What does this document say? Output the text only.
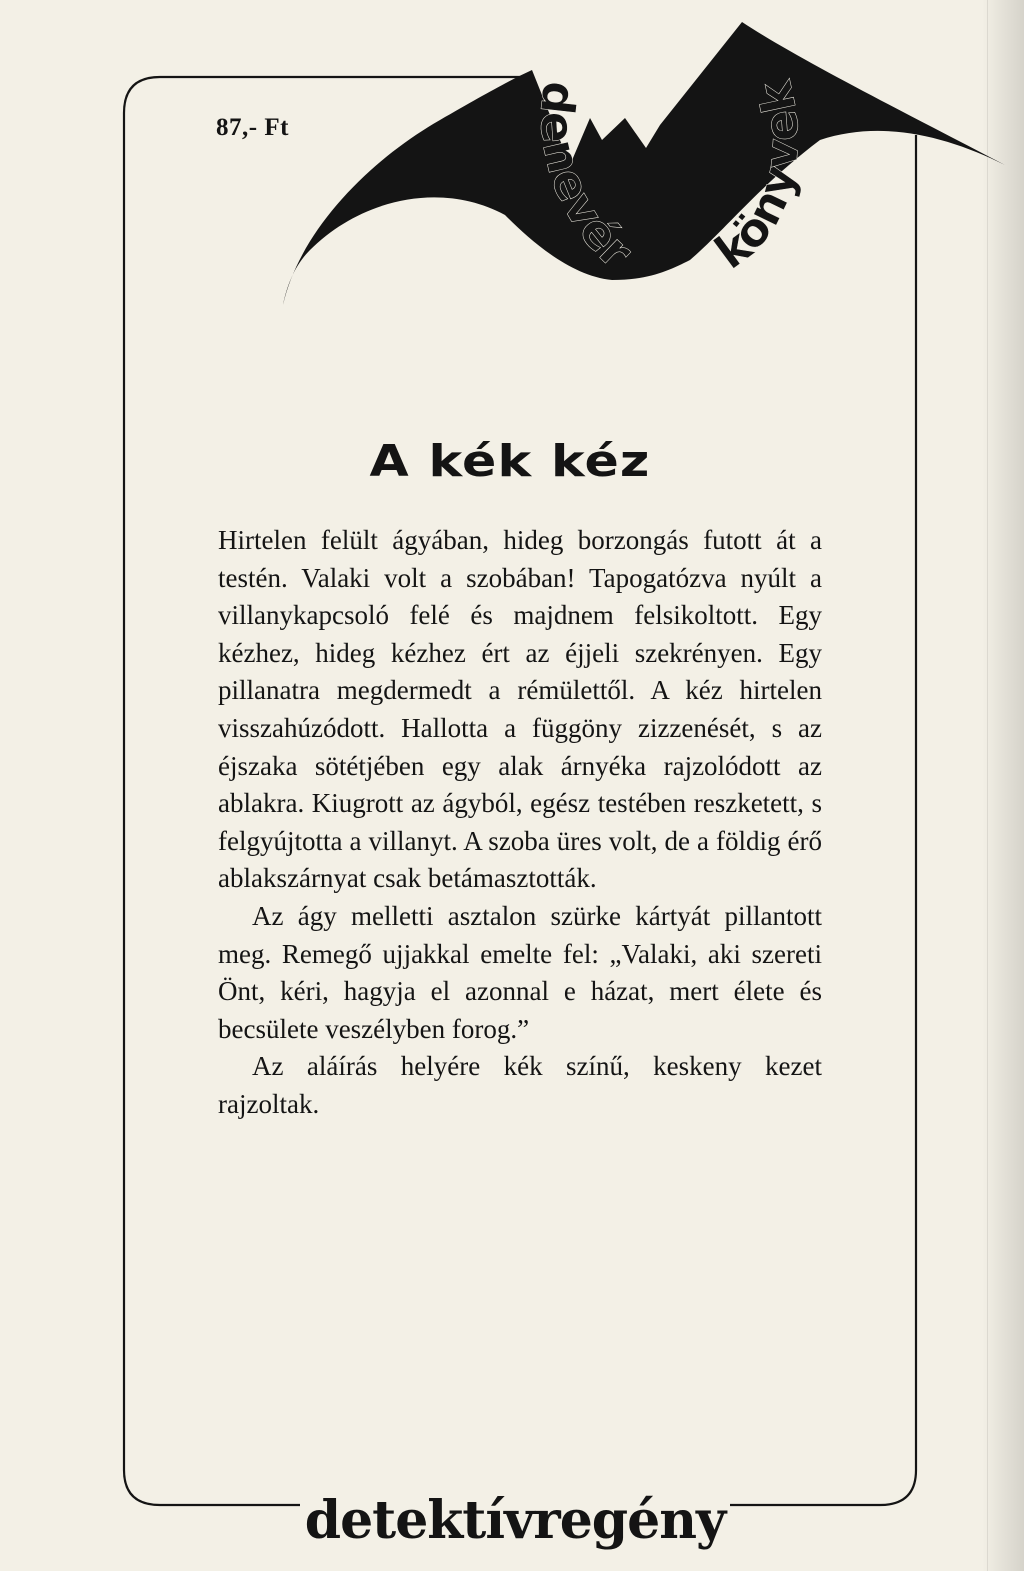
denevér könyvek
87,- Ft
A kék kéz

Hirtelen felült ágyában, hideg borzongás futott át a testén. Valaki volt a szobában! Tapogatózva nyúlt a villanykapcsoló felé és majdnem felsikoltott. Egy kézhez, hideg kézhez ért az éjjeli szekrényen. Egy pillanatra megdermedt a rémülettől. A kéz hirtelen visszahúzódott. Hallotta a függöny zizzenését, s az éjszaka sötétjében egy alak árnyéka rajzolódott az ablakra. Kiugrott az ágyból, egész testében reszketett, s felgyújtotta a villanyt. A szoba üres volt, de a földig érő ablakszárnyat csak betámasztották.

Az ágy melletti asztalon szürke kártyát pillantott meg. Remegő ujjakkal emelte fel: „Valaki, aki szereti Önt, kéri, hagyja el azonnal e házat, mert élete és becsülete veszélyben forog.”

Az aláírás helyére kék színű, keskeny kezet rajzoltak.

detektívregény
